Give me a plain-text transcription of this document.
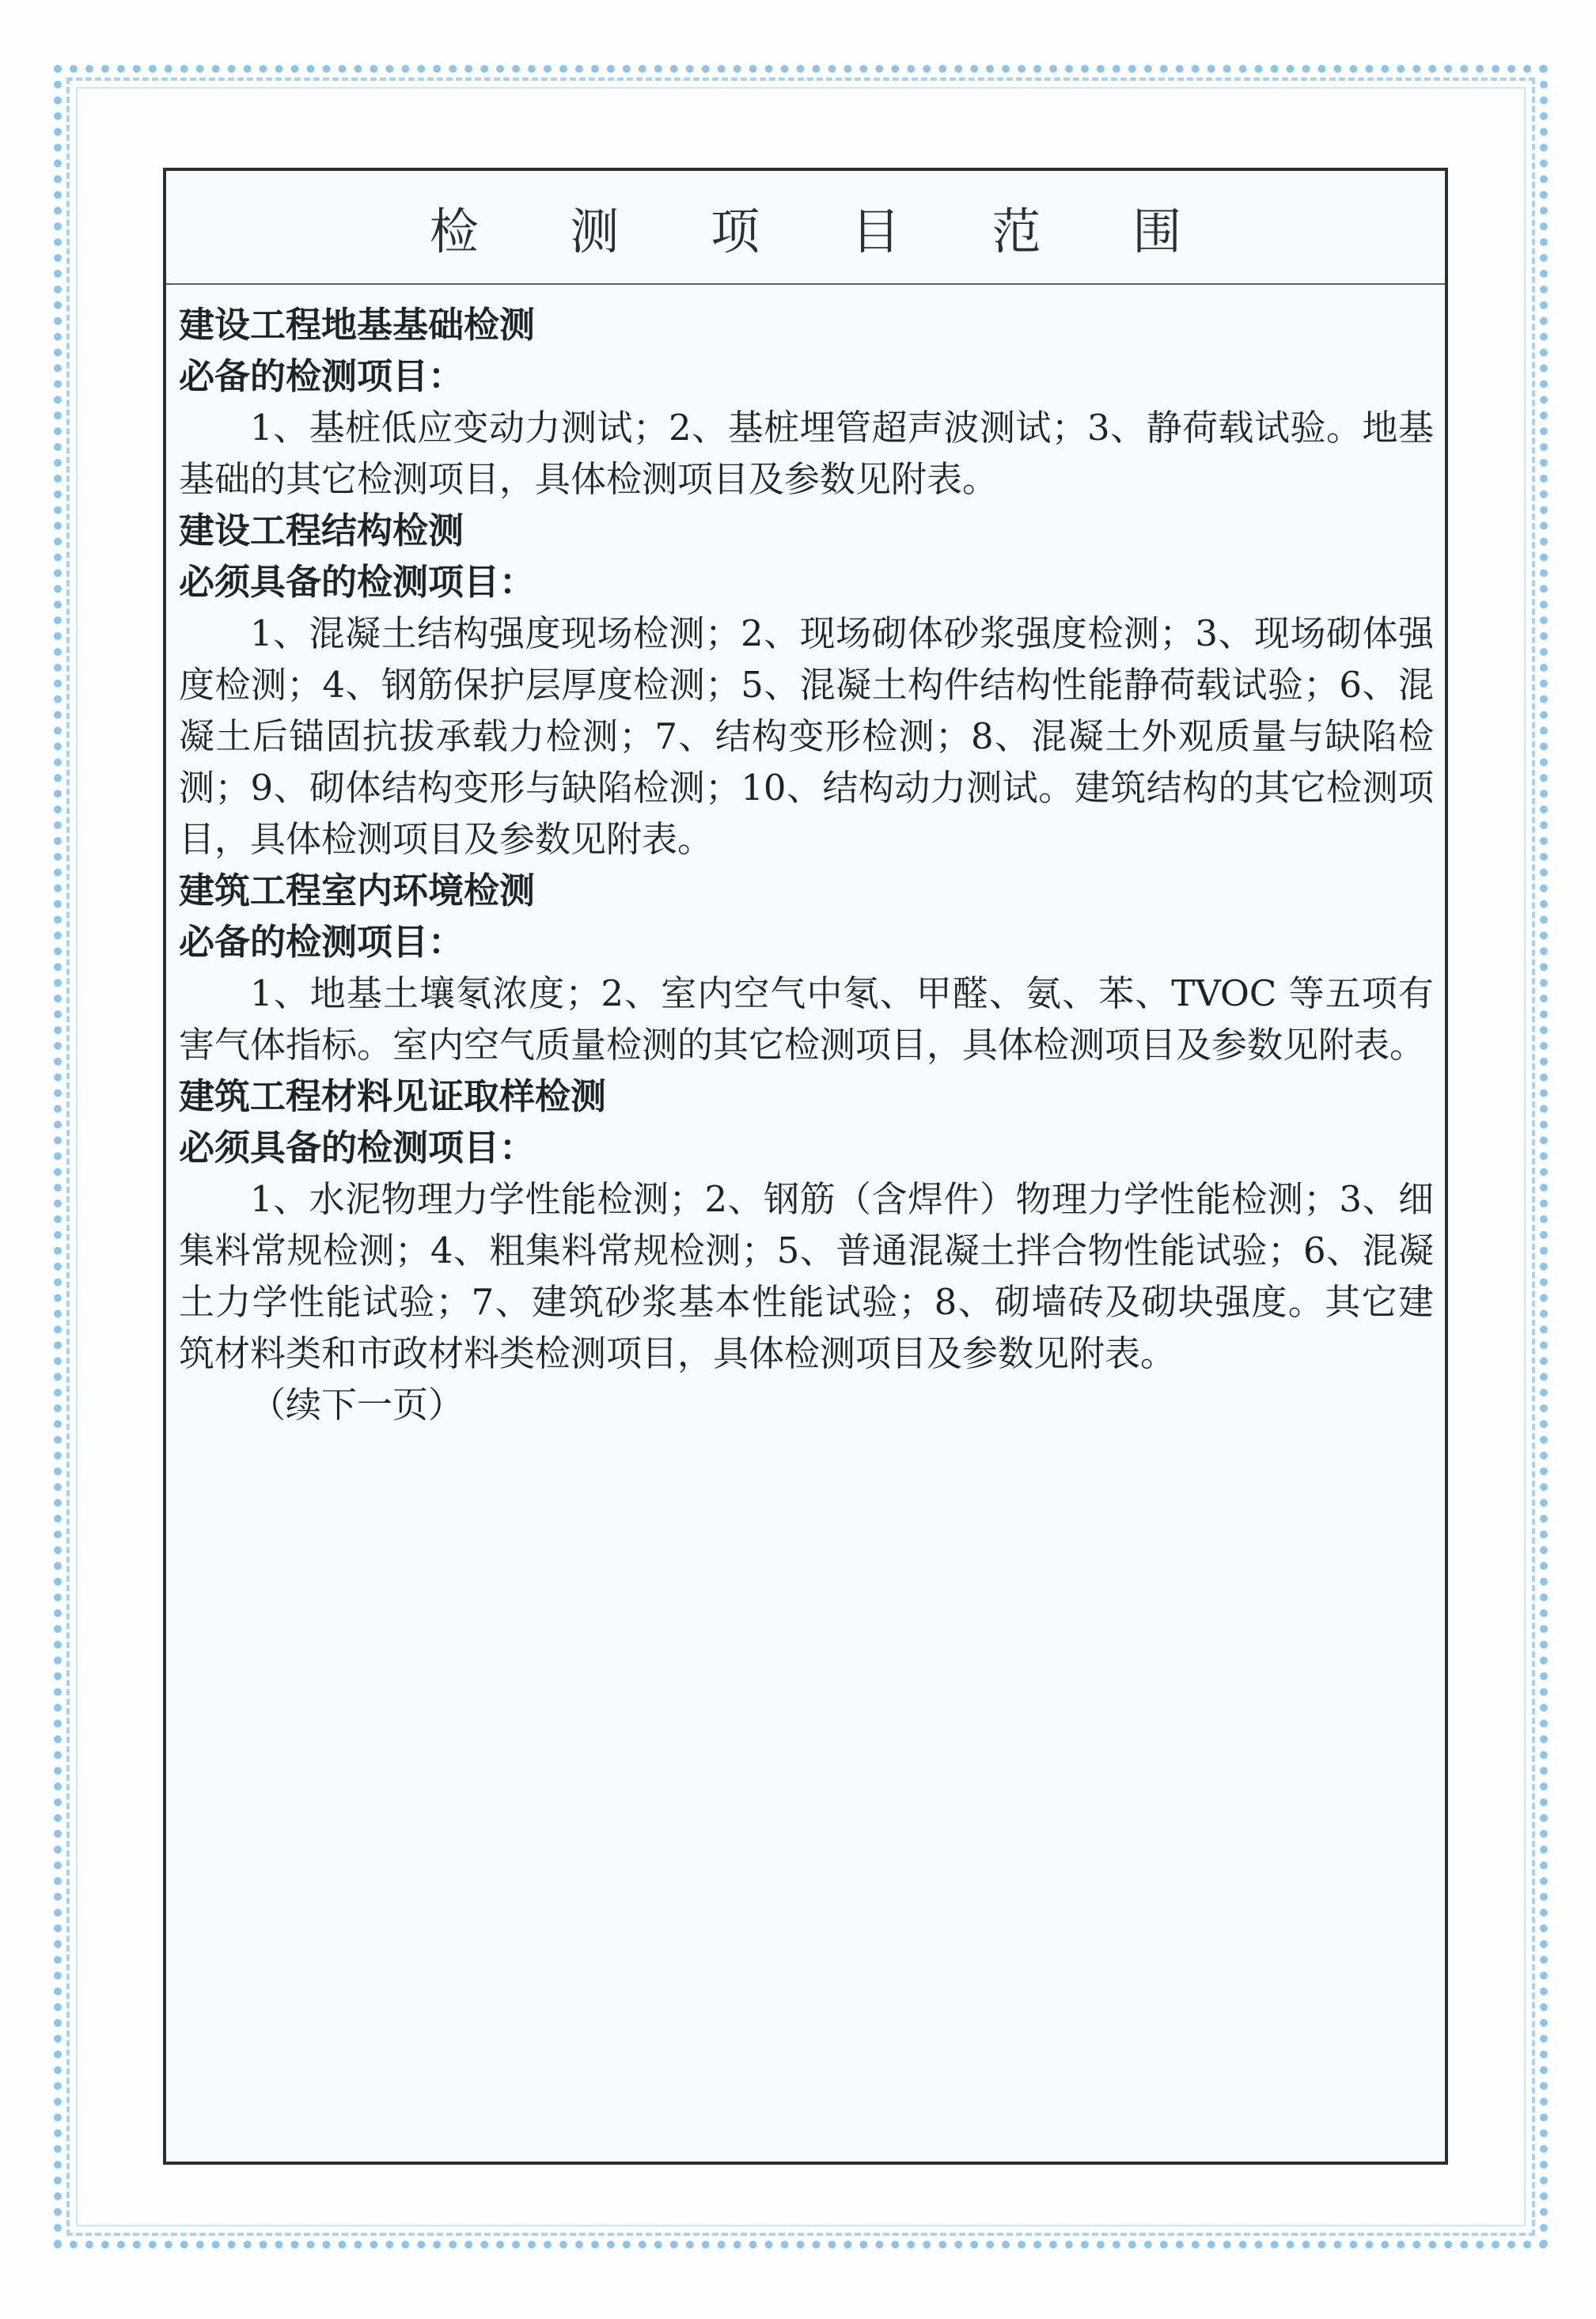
检 测 项 目 范 围

建设工程地基基础检测

必备的检测项目：

1、基桩低应变动力测试；2、基桩埋管超声波测试；3、静荷载试验。地基基础的其它检测项目，具体检测项目及参数见附表。

建设工程结构检测

必须具备的检测项目：

1、混凝土结构强度现场检测；2、现场砌体砂浆强度检测；3、现场砌体强度检测；4、钢筋保护层厚度检测；5、混凝土构件结构性能静荷载试验；6、混凝土后锚固抗拔承载力检测；7、结构变形检测；8、混凝土外观质量与缺陷检测；9、砌体结构变形与缺陷检测；10、结构动力测试。建筑结构的其它检测项目，具体检测项目及参数见附表。

建筑工程室内环境检测

必备的检测项目：

1、地基土壤氡浓度；2、室内空气中氡、甲醛、氨、苯、TVOC 等五项有害气体指标。室内空气质量检测的其它检测项目，具体检测项目及参数见附表。

建筑工程材料见证取样检测

必须具备的检测项目：

1、水泥物理力学性能检测；2、钢筋（含焊件）物理力学性能检测；3、细集料常规检测；4、粗集料常规检测；5、普通混凝土拌合物性能试验；6、混凝土力学性能试验；7、建筑砂浆基本性能试验；8、砌墙砖及砌块强度。其它建筑材料类和市政材料类检测项目，具体检测项目及参数见附表。

（续下一页）
